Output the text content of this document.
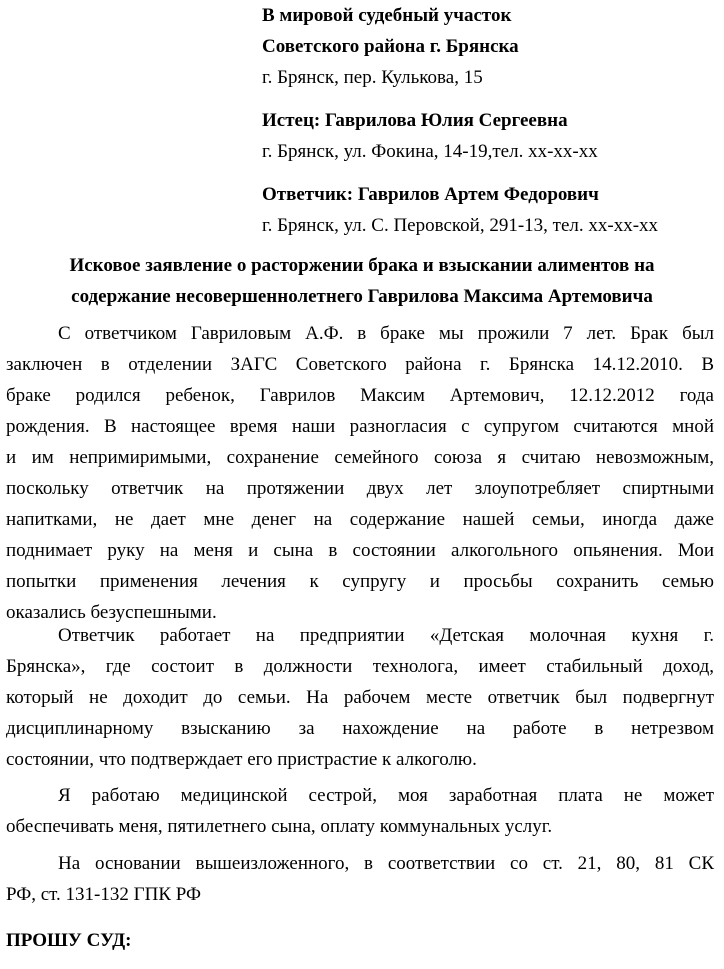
В мировой судебный участок
Советского района г. Брянска
г. Брянск, пер. Кулькова, 15
Истец: Гаврилова Юлия Сергеевна
г. Брянск, ул. Фокина, 14-19,тел. хх-хх-хх
Ответчик: Гаврилов Артем Федорович
г. Брянск, ул. С. Перовской, 291-13, тел. хх-хх-хх
Исковое заявление о расторжении брака и взыскании алиментов на
содержание несовершеннолетнего Гаврилова Максима Артемовича
С ответчиком Гавриловым А.Ф. в браке мы прожили 7 лет. Брак был
заключен в отделении ЗАГС Советского района г. Брянска 14.12.2010. В
браке родился ребенок, Гаврилов Максим Артемович, 12.12.2012 года
рождения. В настоящее время наши разногласия с супругом считаются мной
и им непримиримыми, сохранение семейного союза я считаю невозможным,
поскольку ответчик на протяжении двух лет злоупотребляет спиртными
напитками, не дает мне денег на содержание нашей семьи, иногда даже
поднимает руку на меня и сына в состоянии алкогольного опьянения. Мои
попытки применения лечения к супругу и просьбы сохранить семью
оказались безуспешными.
Ответчик работает на предприятии «Детская молочная кухня г.
Брянска», где состоит в должности технолога, имеет стабильный доход,
который не доходит до семьи. На рабочем месте ответчик был подвергнут
дисциплинарному взысканию за нахождение на работе в нетрезвом
состоянии, что подтверждает его пристрастие к алкоголю.
Я работаю медицинской сестрой, моя заработная плата не может
обеспечивать меня, пятилетнего сына, оплату коммунальных услуг.
На основании вышеизложенного, в соответствии со ст. 21, 80, 81 СК
РФ, ст. 131-132 ГПК РФ
ПРОШУ СУД:
